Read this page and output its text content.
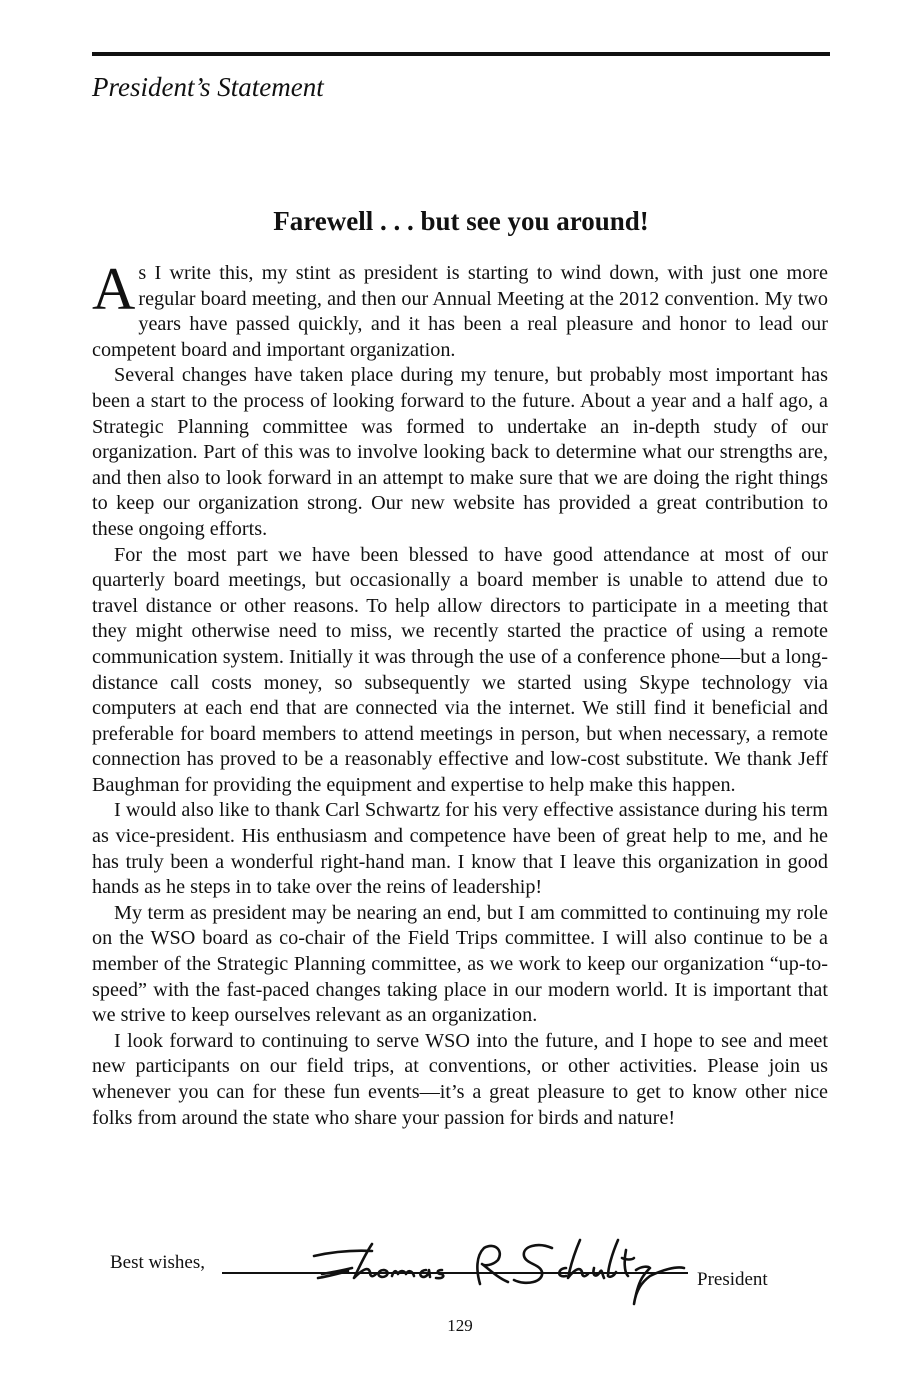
President’s Statement
Farewell . . . but see you around!

As I write this, my stint as president is starting to wind down, with just one more regular board meeting, and then our Annual Meeting at the 2012 convention. My two years have passed quickly, and it has been a real pleasure and honor to lead our competent board and important organization.

Several changes have taken place during my tenure, but probably most important has been a start to the process of looking forward to the future. About a year and a half ago, a Strategic Planning committee was formed to undertake an in-depth study of our organization. Part of this was to involve looking back to determine what our strengths are, and then also to look forward in an attempt to make sure that we are doing the right things to keep our organization strong. Our new website has provided a great contribution to these ongoing efforts.

For the most part we have been blessed to have good attendance at most of our quarterly board meetings, but occasionally a board member is unable to attend due to travel distance or other reasons. To help allow directors to participate in a meeting that they might otherwise need to miss, we recently started the practice of using a remote communication system. Initially it was through the use of a conference phone—but a long-distance call costs money, so subsequently we started using Skype technology via computers at each end that are connected via the internet. We still find it beneficial and preferable for board members to attend meetings in person, but when necessary, a remote connection has proved to be a reasonably effective and low-cost substitute. We thank Jeff Baughman for providing the equipment and expertise to help make this happen.

I would also like to thank Carl Schwartz for his very effective assistance during his term as vice-president. His enthusiasm and competence have been of great help to me, and he has truly been a wonderful right-hand man. I know that I leave this organization in good hands as he steps in to take over the reins of leadership!

My term as president may be nearing an end, but I am committed to continuing my role on the WSO board as co-chair of the Field Trips committee. I will also continue to be a member of the Strategic Planning committee, as we work to keep our organization “up-to-speed” with the fast-paced changes taking place in our modern world. It is important that we strive to keep ourselves relevant as an organization.

I look forward to continuing to serve WSO into the future, and I hope to see and meet new participants on our field trips, at conventions, or other activities. Please join us whenever you can for these fun events—it’s a great pleasure to get to know other nice folks from around the state who share your passion for birds and nature!

Best wishes,
President
129
